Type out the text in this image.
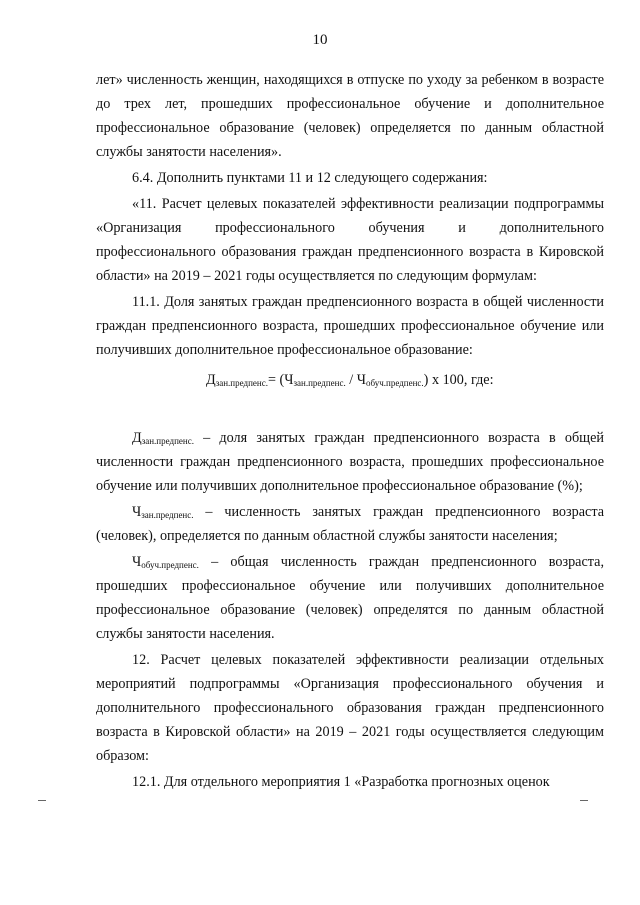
10

лет» численность женщин, находящихся в отпуске по уходу за ребенком в возрасте до трех лет, прошедших профессиональное обучение и дополнительное профессиональное образование (человек) определяется по данным областной службы занятости населения».

6.4. Дополнить пунктами 11 и 12 следующего содержания:

«11. Расчет целевых показателей эффективности реализации подпрограммы «Организация профессионального обучения и дополнительного профессионального образования граждан предпенсионного возраста в Кировской области» на 2019 – 2021 годы осуществляется по следующим формулам:

11.1. Доля занятых граждан предпенсионного возраста в общей численности граждан предпенсионного возраста, прошедших профессиональное обучение или получивших дополнительное профессиональное образование:

$Д_{зан.предпенс.}= (Ч_{зан.предпенс.} / Ч_{обуч.предпенс.})$ x 100, где:

$Д_{зан.предпенс.}$ – доля занятых граждан предпенсионного возраста в общей численности граждан предпенсионного возраста, прошедших профессиональное обучение или получивших дополнительное профессиональное образование (%);

$Ч_{зан.предпенс.}$ – численность занятых граждан предпенсионного возраста (человек), определяется по данным областной службы занятости населения;

$Ч_{обуч.предпенс.}$ – общая численность граждан предпенсионного возраста, прошедших профессиональное обучение или получивших дополнительное профессиональное образование (человек) определятся по данным областной службы занятости населения.

12. Расчет целевых показателей эффективности реализации отдельных мероприятий подпрограммы «Организация профессионального обучения и дополнительного профессионального образования граждан предпенсионного возраста в Кировской области» на 2019 – 2021 годы осуществляется следующим образом:

12.1. Для отдельного мероприятия 1 «Разработка прогнозных оценок
